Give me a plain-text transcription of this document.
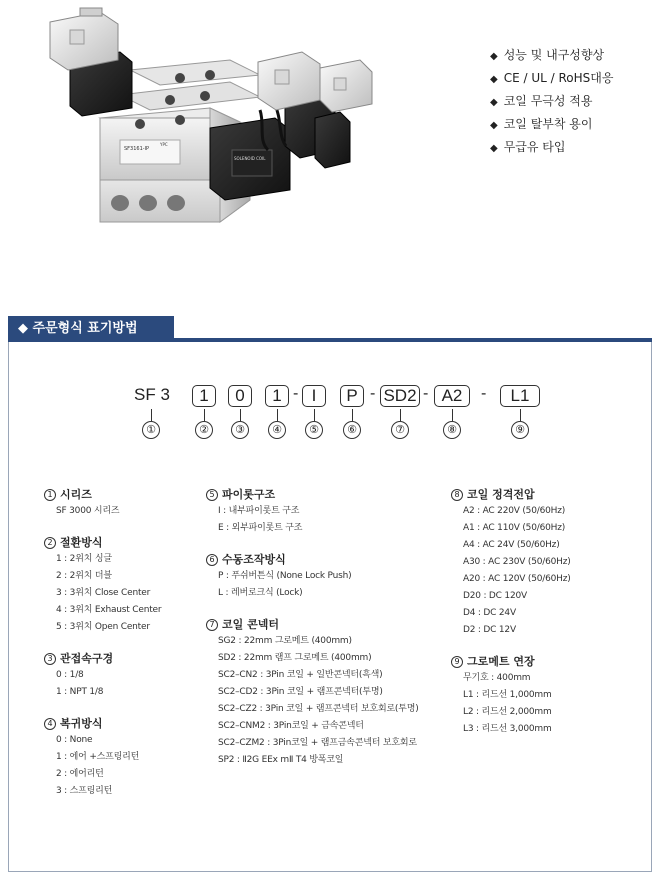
SF3161-IP
YPC
SOLENOID COIL
◆ 성능 및 내구성향상
◆ CE / UL / RoHS대응
◆ 코일 무극성 적용
◆ 코일 탈부착 용이
◆ 무급유 타입
◆ 주문형식 표기방법
SF 3	1	0	1 - I	P - SD2 - A2	-	L1
①	②	③	④	⑤	⑥	⑦	⑧	⑨
1 시리즈
SF 3000 시리즈
2 절환방식
1 : 2위치 싱글
2 : 2위치 더블
3 : 3위치 Close Center
4 : 3위치 Exhaust Center
5 : 3위치 Open Center
3 관접속구경
0 : 1/8
1 : NPT 1/8
4 복귀방식
0 : None
1 : 에어 +스프링리턴
2 : 에어리턴
3 : 스프링리턴
5 파이롯구조
I : 내부파이롯트 구조
E : 외부파이롯트 구조
6 수동조작방식
P : 푸쉬버튼식 (None Lock Push)
L : 레버로크식 (Lock)
7 코일 콘넥터
SG2 : 22mm 그로메트 (400mm)
SD2 : 22mm 램프 그로메트 (400mm)
SC2–CN2 : 3Pin 코일 + 일반콘넥터(흑색)
SC2–CD2 : 3Pin 코일 + 램프콘넥터(투명)
SC2–CZ2 : 3Pin 코일 + 램프콘넥터 보호회로(투명)
SC2–CNM2 : 3Pin코일 + 금속콘넥터
SC2–CZM2 : 3Pin코일 + 램프금속콘넥터 보호회로
SP2 : Ⅱ2G EEx mⅡ T4 방폭코일
8 코일 정격전압
A2 : AC 220V (50/60Hz)
A1 : AC 110V (50/60Hz)
A4 : AC 24V (50/60Hz)
A30 : AC 230V (50/60Hz)
A20 : AC 120V (50/60Hz)
D20 : DC 120V
D4 : DC 24V
D2 : DC 12V
9 그로메트 연장
무기호 : 400mm
L1 : 리드선 1,000mm
L2 : 리드선 2,000mm
L3 : 리드선 3,000mm
